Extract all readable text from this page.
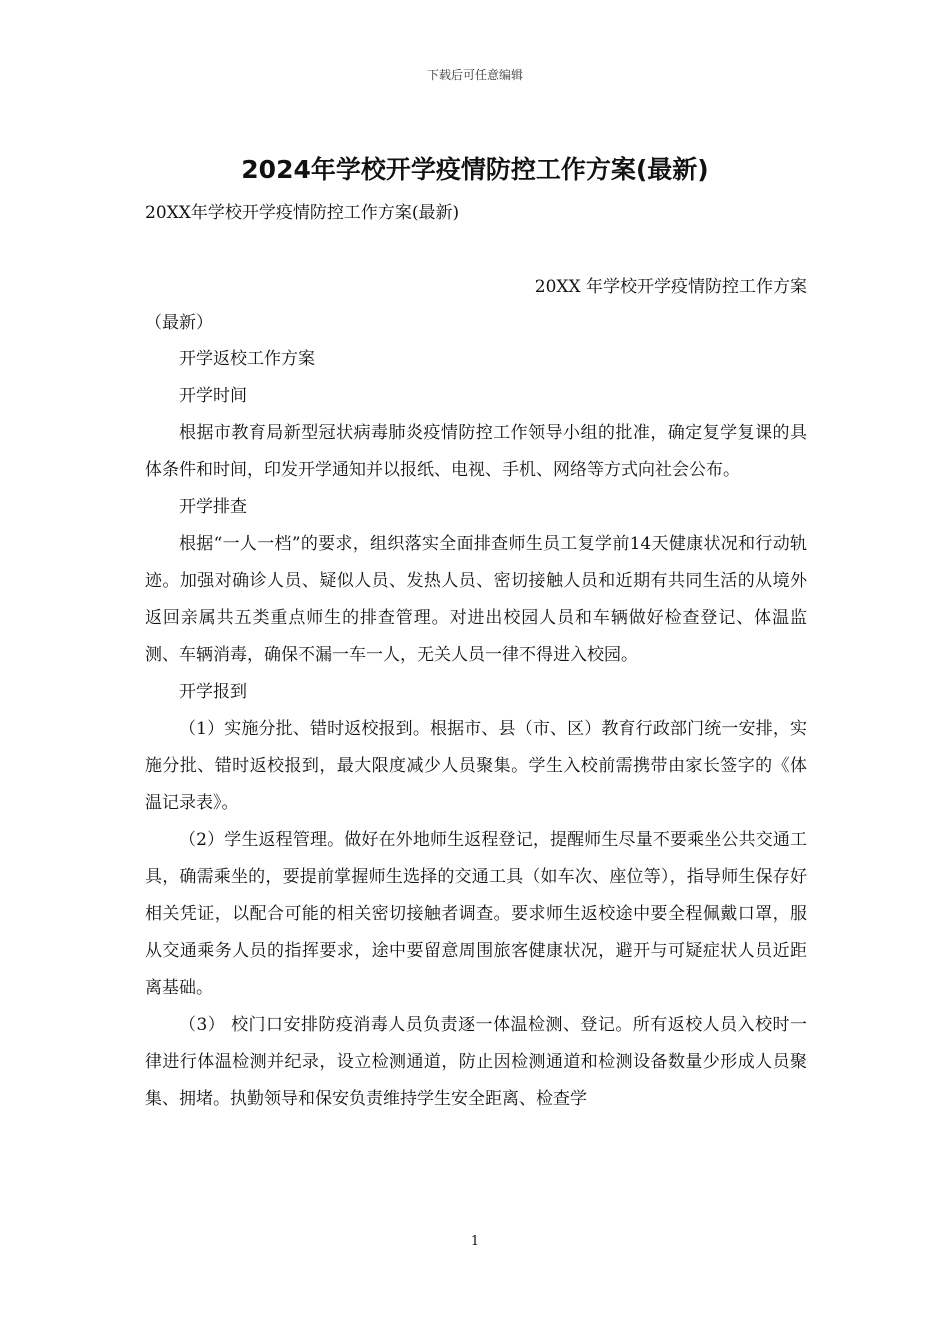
下载后可任意编辑
2024年学校开学疫情防控工作方案(最新)

20XX年学校开学疫情防控工作方案(最新)

20XX 年学校开学疫情防控工作方案

（最新）

开学返校工作方案

开学时间

根据市教育局新型冠状病毒肺炎疫情防控工作领导小组的批准，确定复学复课的具体条件和时间，印发开学通知并以报纸、电视、手机、网络等方式向社会公布。

开学排查

根据“一人一档”的要求，组织落实全面排查师生员工复学前14天健康状况和行动轨迹。加强对确诊人员、疑似人员、发热人员、密切接触人员和近期有共同生活的从境外返回亲属共五类重点师生的排查管理。对进出校园人员和车辆做好检查登记、体温监测、车辆消毒，确保不漏一车一人，无关人员一律不得进入校园。

开学报到

（1）实施分批、错时返校报到。根据市、县（市、区）教育行政部门统一安排，实施分批、错时返校报到，最大限度减少人员聚集。学生入校前需携带由家长签字的《体温记录表》。

（2）学生返程管理。做好在外地师生返程登记，提醒师生尽量不要乘坐公共交通工具，确需乘坐的，要提前掌握师生选择的交通工具（如车次、座位等），指导师生保存好相关凭证，以配合可能的相关密切接触者调查。要求师生返校途中要全程佩戴口罩，服从交通乘务人员的指挥要求，途中要留意周围旅客健康状况，避开与可疑症状人员近距离基础。

（3） 校门口安排防疫消毒人员负责逐一体温检测、登记。所有返校人员入校时一律进行体温检测并纪录，设立检测通道，防止因检测通道和检测设备数量少形成人员聚集、拥堵。执勤领导和保安负责维持学生安全距离、检查学

1
